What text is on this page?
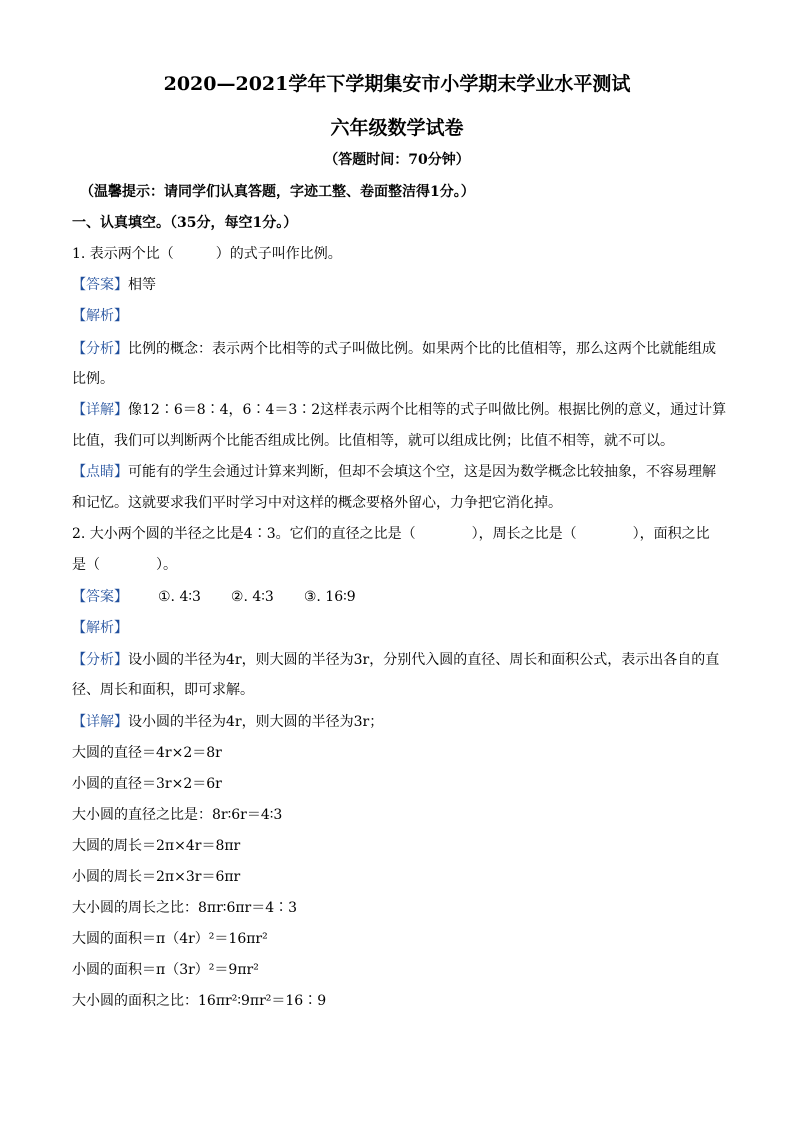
2020—2021学年下学期集安市小学期末学业水平测试
六年级数学试卷
（答题时间：70分钟）
（温馨提示：请同学们认真答题，字迹工整、卷面整洁得1分。）
一、认真填空。（35分，每空1分。）
1. 表示两个比（　　　）的式子叫作比例。
【答案】相等
【解析】
【分析】比例的概念：表示两个比相等的式子叫做比例。如果两个比的比值相等，那么这两个比就能组成
比例。
【详解】像12∶6＝8∶4，6∶4＝3∶2这样表示两个比相等的式子叫做比例。根据比例的意义，通过计算
比值，我们可以判断两个比能否组成比例。比值相等，就可以组成比例；比值不相等，就不可以。
【点睛】可能有的学生会通过计算来判断，但却不会填这个空，这是因为数学概念比较抽象，不容易理解
和记忆。这就要求我们平时学习中对这样的概念要格外留心，力争把它消化掉。
2. 大小两个圆的半径之比是4∶3。它们的直径之比是（　　　　），周长之比是（　　　　），面积之比
是（　　　　）。
【答案】 ①. 4∶3 ②. 4∶3 ③. 16∶9
【解析】
【分析】设小圆的半径为4r，则大圆的半径为3r，分别代入圆的直径、周长和面积公式，表示出各自的直
径、周长和面积，即可求解。
【详解】设小圆的半径为4r，则大圆的半径为3r；
大圆的直径＝4r×2＝8r
小圆的直径＝3r×2＝6r
大小圆的直径之比是：8r∶6r＝4∶3
大圆的周长＝2π×4r＝8πr
小圆的周长＝2π×3r＝6πr
大小圆的周长之比：8πr∶6πr＝4∶3
大圆的面积＝π（4r）²＝16πr²
小圆的面积＝π（3r）²＝9πr²
大小圆的面积之比：16πr²∶9πr²＝16∶9
